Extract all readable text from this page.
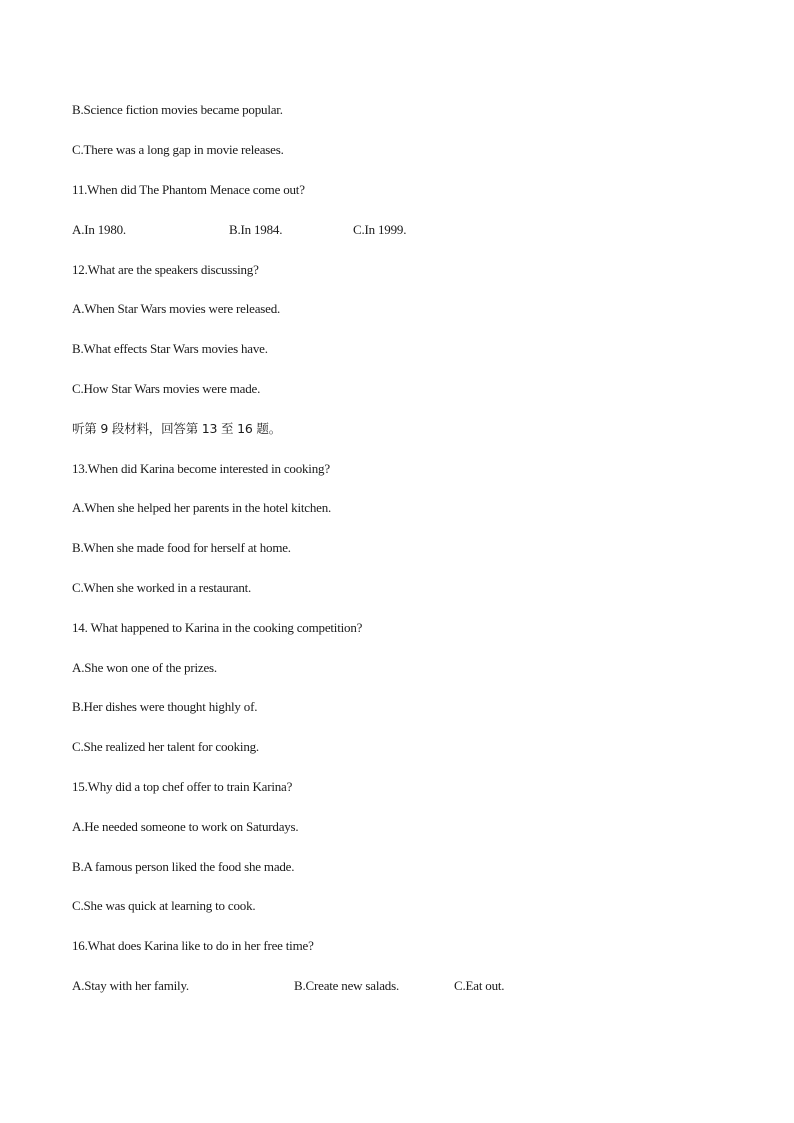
B.Science fiction movies became popular.
C.There was a long gap in movie releases.
11.When did The Phantom Menace come out?
A.In 1980.	B.In 1984.	C.In 1999.
12.What are the speakers discussing?
A.When Star Wars movies were released.
B.What effects Star Wars movies have.
C.How Star Wars movies were made.
听第 9 段材料，回答第 13 至 16 题。
13.When did Karina become interested in cooking?
A.When she helped her parents in the hotel kitchen.
B.When she made food for herself at home.
C.When she worked in a restaurant.
14. What happened to Karina in the cooking competition?
A.She won one of the prizes.
B.Her dishes were thought highly of.
C.She realized her talent for cooking.
15.Why did a top chef offer to train Karina?
A.He needed someone to work on Saturdays.
B.A famous person liked the food she made.
C.She was quick at learning to cook.
16.What does Karina like to do in her free time?
A.Stay with her family.	B.Create new salads.	C.Eat out.
